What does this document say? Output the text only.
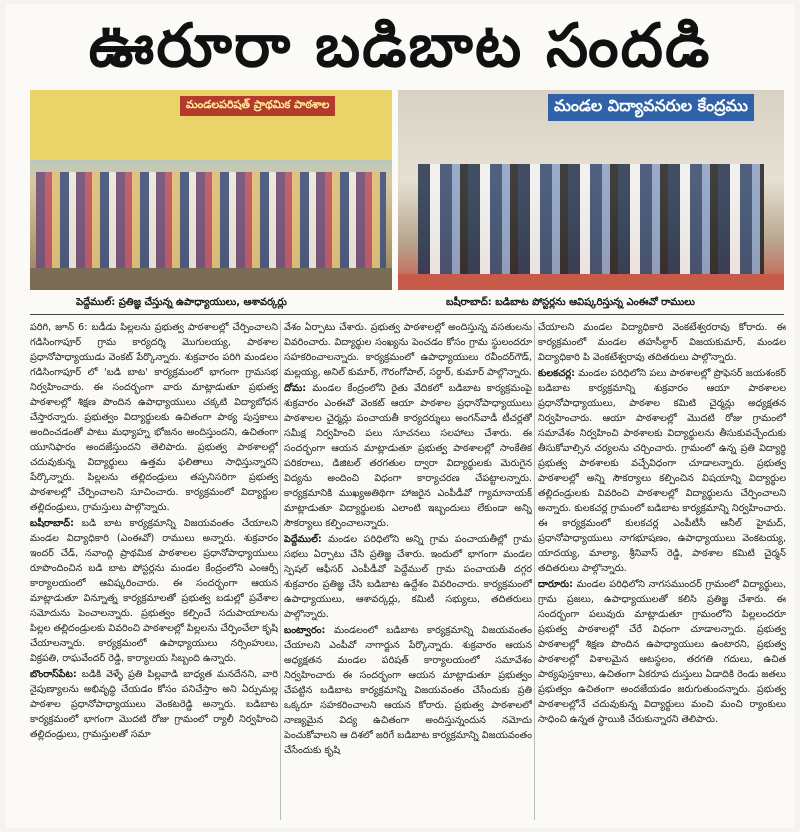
ఊరూరా బడిబాట సందడి
మండలపరిషత్ ప్రాథమిక పాఠశాల	మండల విద్యావనరుల కేంద్రము
పెద్దేముల్: ప్రతిజ్ఞ చేస్తున్న ఉపాధ్యాయులు, ఆశావర్కర్లు	బషీరాబాద్: బడిబాట పోస్టర్లను ఆవిష్కరిస్తున్న ఎంఈవో రాములు

పరిగి, జూన్ 6: బడీడు పిల్లలను ప్రభుత్వ పాఠశాలల్లో చేర్పించాలని గడిసింగాపూర్ గ్రామ కార్యదర్శి మొగులయ్య, పాఠశాల ప్రధానోపాధ్యాయుడు వెంకట్ పేర్కొన్నారు. శుక్రవారం పరిగి మండలం గడిసింగాపూర్ లో 'బడి బాట' కార్యక్రమంలో భాగంగా గ్రామసభ నిర్వహించారు. ఈ సందర్భంగా వారు మాట్లాడుతూ ప్రభుత్వ పాఠశాలల్లో శిక్షణ పొందిన ఉపాధ్యాయులు చక్కటి విద్యాబోధన చేస్తారన్నారు. ప్రభుత్వం విద్యార్థులకు ఉచితంగా పాఠ్య పుస్తకాలు అందించడంతో పాటు మధ్యాహ్న భోజనం అందిస్తుందని, ఉచితంగా యూనిఫారం అందజేస్తుందని తెలిపారు. ప్రభుత్వ పాఠశాలల్లో చదువుకున్న విద్యార్థులు ఉత్తమ ఫలితాలు సాధిస్తున్నారని పేర్కొన్నారు. పిల్లలను తల్లిదండ్రులు తప్పనిసరిగా ప్రభుత్వ పాఠశాలల్లో చేర్పించాలని సూచించారు. కార్యక్రమంలో విద్యార్థుల తల్లిదండ్రులు, గ్రామస్తులు పాల్గొన్నారు.

బషీరాబాద్: బడి బాట కార్యక్రమాన్ని విజయవంతం చేయాలని మండల విద్యాధికారి (ఎంఈవో) రాములు అన్నారు. శుక్రవారం ఇందర్ చేడ్, నవాంద్గి ప్రాథమిక పాఠశాలల ప్రధానోపాధ్యాయులు రూపొందించిన బడి బాట పోస్టర్లను మండల కేంద్రంలోని ఎంఆర్సీ కార్యాలయంలో ఆవిష్కరించారు. ఈ సందర్భంగా ఆయన మాట్లాడుతూ విన్నూత్న కార్యక్రమాలతో ప్రభుత్వ బడుల్లో ప్రవేశాల సమోదును పెంచాలన్నారు. ప్రభుత్వం కల్పించే సదుపాయాలను పిల్లల తల్లిదండ్రులకు వివరించి పాఠశాలల్లో పిల్లలను చేర్పించేలా కృషి చేయాలన్నారు. కార్యక్రమంలో ఉపాధ్యాయులు నర్సింహులు, విక్రపతి, రాఘవేందర్ రెడ్డి, కార్యాలయ సిబ్బంది ఉన్నారు.

బొంరాస్‌పేట: బడికి వెళ్ళే ప్రతి పిల్లవాడి బాధ్యత మనదేనని, వారి నైపుణ్యాలను అభివృద్ధి చేయడం కోసం పనిచేస్తాం అని ఏర్పుమల్ల పాఠశాల ప్రధానోపాధ్యాయులు వెంకటరెడ్డి అన్నారు. బడిబాట కార్యక్రమంలో భాగంగా మొదటి రోజు గ్రామంలో ర్యాలీ నిర్వహించి తల్లిదండ్రులు, గ్రామస్తులతో సమా

వేశం ఏర్పాటు చేశారు. ప్రభుత్వ పాఠశాలల్లో అందిస్తున్న వసతులను వివరించారు. విద్యార్థుల సంఖ్యను పెంచడం కోసం గ్రామ స్థులందరూ సహకరించాలన్నారు. కార్యక్రమంలో ఉపాధ్యాయులు రవీందర్‌గౌడ్, మల్లయ్య, అనిల్ కుమార్, గౌరంగోపాల్, సర్దార్, కుమార్ పాల్గొన్నారు.

దోమ: మండల కేంద్రంలోని రైతు వేదికలో బడిబాట కార్యక్రమంపై శుక్రవారం ఎంఈవో వెంకట్ ఆయా పాఠశాల ప్రధానోపాధ్యాయులు పాఠశాలల చైర్మన్లు పంచాయతీ కార్యదర్శులు అంగన్‌వాడీ టీచర్లతో సమీక్ష నిర్వహించి పలు సూచనలు సలహాలు చేశారు. ఈ సందర్భంగా ఆయన మాట్లాడుతూ ప్రభుత్వ పాఠశాలల్లో సాంకేతిక పరికరాలు, డిజిటల్ తరగతుల ద్వారా విద్యార్థులకు మెరుగైన విద్యను అందించి విధంగా కార్యాచరణ చేపట్టాలన్నారు. కార్యక్రమానికి ముఖ్యఅతిథిగా హాజరైన ఎంపీడీవో గ్యామానాయక్ మాట్లాడుతూ విద్యార్థులకు ఎలాంటి ఇబ్బందులు లేకుండా అన్ని సౌకర్యాలు కల్పించాలన్నారు.

పెద్దేముల్: మండల పరిధిలోని అన్ని గ్రామ పంచాయతీల్లో గ్రామ సభలు ఏర్పాటు చేసి ప్రతిజ్ఞ చేశారు. ఇందులో భాగంగా మండల స్పెషల్ ఆఫీసర్ ఎంపీడీవో పెద్దేముల్ గ్రామ పంచాయతీ దగ్గర శుక్రవారం ప్రతిజ్ఞ చేసి బడిబాట ఉద్దేశం వివరించారు. కార్యక్రమంలో ఉపాధ్యాయులు, ఆశావర్కర్లు, కమిటీ సభ్యులు, తదితరులు పాల్గొన్నారు.

బంట్వారం: మండలంలో బడిబాట కార్యక్రమాన్ని విజయవంతం చేయాలని ఎంపీవో నాగార్జున పేర్కొన్నారు. శుక్రవారం ఆయన అధ్యక్షతన మండల పరిషత్ కార్యాలయంలో సమావేశం నిర్వహించారు ఈ సందర్భంగా ఆయన మాట్లాడుతూ ప్రభుత్వం చేపట్టిన బడిబాట కార్యక్రమాన్ని విజయవంతం చేసేందుకు ప్రతి ఒక్కరూ సహకరించాలని ఆయన కోరారు. ప్రభుత్వ పాఠశాలలో నాణ్యమైన విద్య ఉచితంగా అందిస్తున్నందున నమోదు పెంచుకోవాలని ఆ దిశలో జరిగే బడిబాట కార్యక్రమాన్ని విజయవంతం చేసేందుకు కృషి

చేయాలని మండల విద్యాధికారి వెంకటేశ్వరరావు కోరారు. ఈ కార్యక్రమంలో మండల తహసీల్దార్ విజయకుమార్, మండల విద్యాధికారి పి వెంకటేశ్వరావు తదితరులు పాల్గొన్నారు.

కులకచర్ల: మండల పరిధిలోని పలు పాఠశాలల్లో ప్రొఫెసర్ జయశంకర్ బడిబాట కార్యక్రమాన్ని శుక్రవారం ఆయా పాఠశాలల ప్రధానోపాధ్యాయులు, పాఠశాల కమిటి చైర్మన్లు అధ్యక్షతన నిర్వహించారు. ఆయా పాఠశాలల్లో మొదటి రోజు గ్రామంలో సమావేశం నిర్వహించి పాఠశాలకు విద్యార్థులను తీసుకువచ్చేందుకు తీసుకోవాల్సిన చర్యలను చర్చించారు. గ్రామంలో ఉన్న ప్రతి విద్యార్థి ప్రభుత్వ పాఠశాలకు వచ్చేవిధంగా చూడాలన్నారు. ప్రభుత్వ పాఠశాలల్లో అన్ని సౌకర్యాలు కల్పించిన విషయాన్ని విద్యార్థుల తల్లిదండ్రులకు వివరించి పాఠశాలల్లో విద్యార్థులను చేర్పించాలని అన్నారు. కులకచర్ల గ్రామంలో బడిబాట కార్యక్రమాన్ని నిర్వహించారు. ఈ కార్యక్రమంలో కులకచర్ల ఎంపీటీసీ ఆనీల్ హైమద్, ప్రధానోపాధ్యాయులు నాగభూషణం, ఉపాధ్యాయులు వెంకటయ్య, యాదయ్య, మాల్యా, శ్రీనివాస్ రెడ్డి, పాఠశాల కమిటి చైర్మన్ తదితరులు పాల్గొన్నారు.

దారూరు: మండల పరిధిలోని నాగసముందర్ గ్రామంలో విద్యార్థులు, గ్రామ ప్రజలు, ఉపాధ్యాయులతో కలిసి ప్రతిజ్ఞ చేశారు. ఈ సందర్భంగా పలువురు మాట్లాడుతూ గ్రామంలోని పిల్లలందరూ ప్రభుత్వ పాఠశాలల్లో చేరే విధంగా చూడాలన్నారు. ప్రభుత్వ పాఠశాలల్లో శిక్షణ పొందిన ఉపాధ్యాయులు ఉంటారని, ప్రభుత్వ పాఠశాలల్లో విశాలమైన ఆటస్థలం, తరగతి గదులు, ఉచిత పాఠ్యపుస్తకాలు, ఉచితంగా ఏకరూప దుస్తులు ఏడాదికి రెండు జతలు ప్రభుత్వం ఉచితంగా అందజేయడం జరుగుతుందన్నారు. ప్రభుత్వ పాఠశాలల్లోనే చదువుకున్న విద్యార్థులు మంచి మంచి ర్యాంకులు సాధించి ఉన్నత స్థాయికి చేరుకున్నారని తెలిపారు.
